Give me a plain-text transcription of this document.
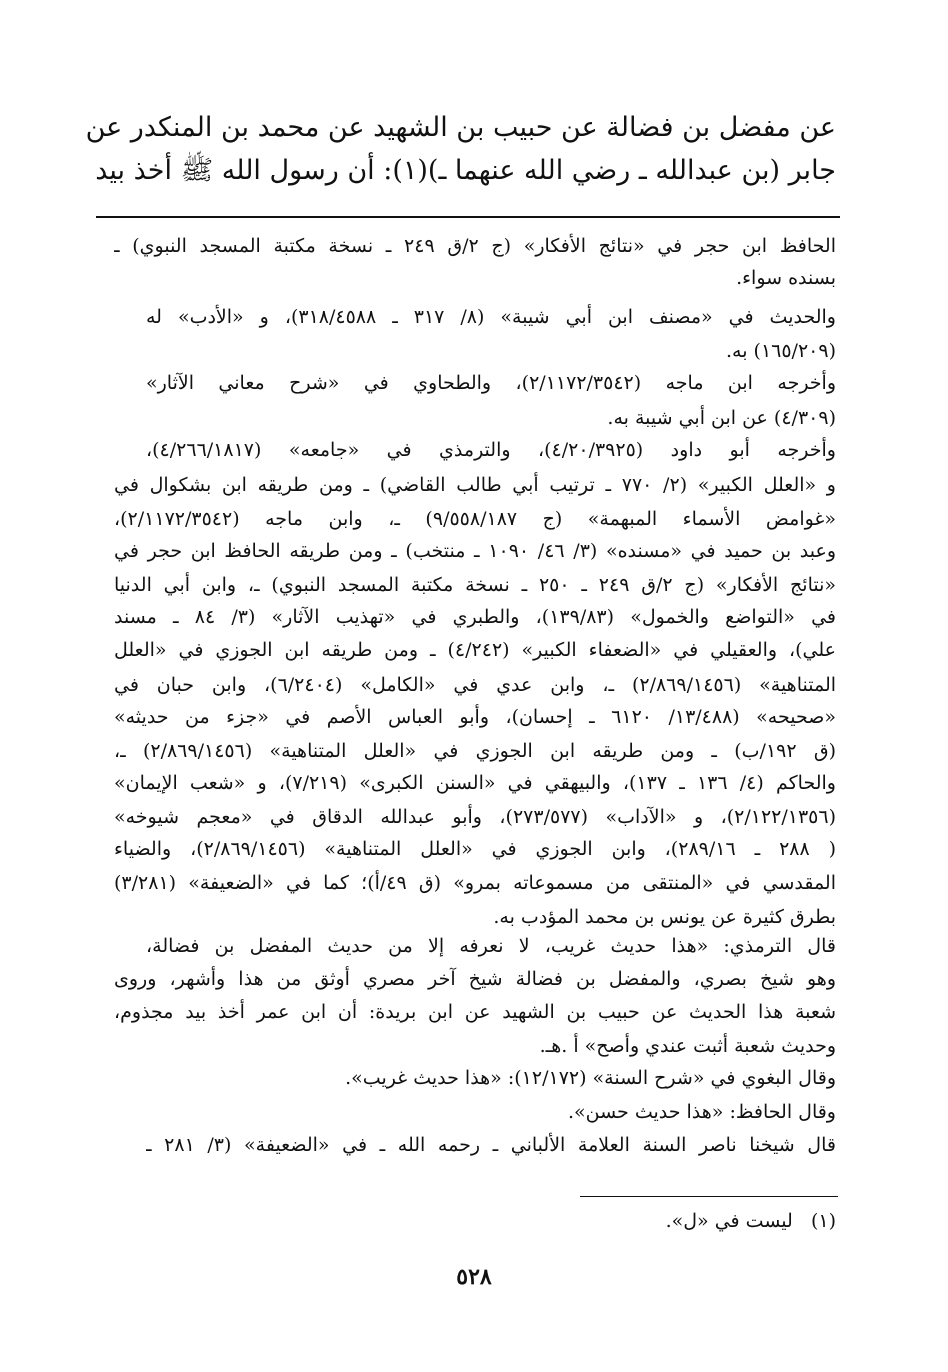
عن مفضل بن فضالة عن حبيب بن الشهيد عن محمد بن المنكدر عن
جابر (بن عبدالله ـ رضي الله عنهما ـ)(١): أن رسول الله ﷺ أخذ بيد
الحافظ ابن حجر في «نتائج الأفكار» (ج ٢/ق ٢٤٩ ـ نسخة مكتبة المسجد النبوي) ـ
بسنده سواء.
والحديث في «مصنف ابن أبي شيبة» (٨/ ٣١٧ ـ ٣١٨/٤٥٨٨)، و «الأدب» له
(١٦٥/٢٠٩) به.
وأخرجه ابن ماجه (٢/١١٧٢/٣٥٤٢)، والطحاوي في «شرح معاني الآثار»
(٤/٣٠٩) عن ابن أبي شيبة به.
وأخرجه أبو داود (٤/٢٠/٣٩٢٥)، والترمذي في «جامعه» (٤/٢٦٦/١٨١٧)،
و «العلل الكبير» (٢/ ٧٧٠ ـ ترتيب أبي طالب القاضي) ـ ومن طريقه ابن بشكوال في
«غوامض الأسماء المبهمة» (ج ٩/٥٥٨/١٨٧) ـ، وابن ماجه (٢/١١٧٢/٣٥٤٢)،
وعبد بن حميد في «مسنده» (٣/ ٤٦/ ١٠٩٠ ـ منتخب) ـ ومن طريقه الحافظ ابن حجر في
«نتائج الأفكار» (ج ٢/ق ٢٤٩ ـ ٢٥٠ ـ نسخة مكتبة المسجد النبوي) ـ، وابن أبي الدنيا
في «التواضع والخمول» (١٣٩/٨٣)، والطبري في «تهذيب الآثار» (٣/ ٨٤ ـ مسند
علي)، والعقيلي في «الضعفاء الكبير» (٤/٢٤٢) ـ ومن طريقه ابن الجوزي في «العلل
المتناهية» (٢/٨٦٩/١٤٥٦) ـ، وابن عدي في «الكامل» (٦/٢٤٠٤)، وابن حبان في
«صحيحه» (١٣/٤٨٨/ ٦١٢٠ ـ إحسان)، وأبو العباس الأصم في «جزء من حديثه»
(ق ١٩٢/ب) ـ ومن طريقه ابن الجوزي في «العلل المتناهية» (٢/٨٦٩/١٤٥٦) ـ،
والحاكم (٤/ ١٣٦ ـ ١٣٧)، والبيهقي في «السنن الكبرى» (٧/٢١٩)، و «شعب الإيمان»
(٢/١٢٢/١٣٥٦)، و «الآداب» (٢٧٣/٥٧٧)، وأبو عبدالله الدقاق في «معجم شيوخه»
( ٢٨٨ ـ ٢٨٩/١٦)، وابن الجوزي في «العلل المتناهية» (٢/٨٦٩/١٤٥٦)، والضياء
المقدسي في «المنتقى من مسموعاته بمرو» (ق ٤٩/أ)؛ كما في «الضعيفة» (٣/٢٨١)
بطرق كثيرة عن يونس بن محمد المؤدب به.
قال الترمذي: «هذا حديث غريب، لا نعرفه إلا من حديث المفضل بن فضالة،
وهو شيخ بصري، والمفضل بن فضالة شيخ آخر مصري أوثق من هذا وأشهر، وروى
شعبة هذا الحديث عن حبيب بن الشهيد عن ابن بريدة: أن ابن عمر أخذ بيد مجذوم،
وحديث شعبة أثبت عندي وأصح» أ .هـ.
وقال البغوي في «شرح السنة» (١٢/١٧٢): «هذا حديث غريب».
وقال الحافظ: «هذا حديث حسن».
قال شيخنا ناصر السنة العلامة الألباني ـ رحمه الله ـ في «الضعيفة» (٣/ ٢٨١ ـ
(١)   ليست في «ل».
٥٢٨
